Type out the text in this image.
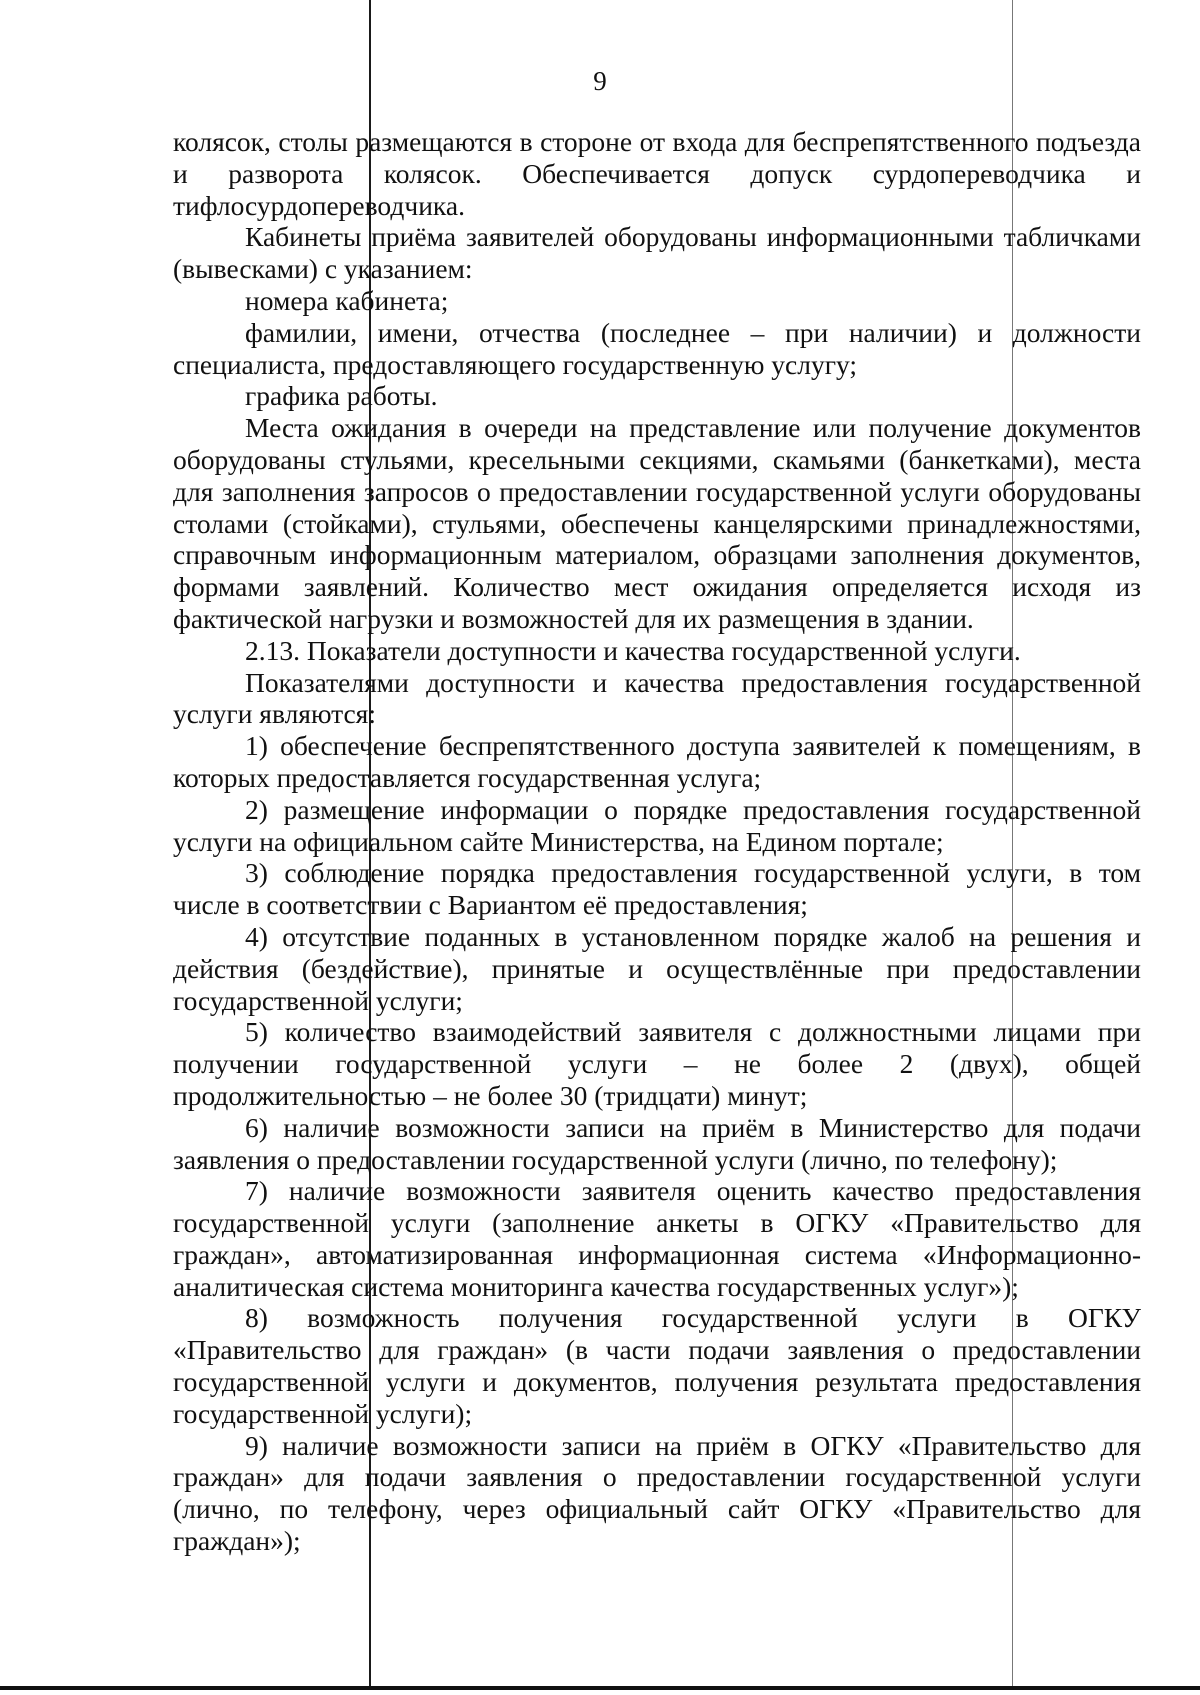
9

колясок, столы размещаются в стороне от входа для беспрепятственного подъезда и разворота колясок. Обеспечивается допуск сурдопереводчика и тифлосурдопереводчика.

Кабинеты приёма заявителей оборудованы информационными табличками (вывесками) с указанием:

номера кабинета;

фамилии, имени, отчества (последнее – при наличии) и должности специалиста, предоставляющего государственную услугу;

графика работы.

Места ожидания в очереди на представление или получение документов оборудованы стульями, кресельными секциями, скамьями (банкетками), места для заполнения запросов о предоставлении государственной услуги оборудованы столами (стойками), стульями, обеспечены канцелярскими принадлежностями, справочным информационным материалом, образцами заполнения документов, формами заявлений. Количество мест ожидания определяется исходя из фактической нагрузки и возможностей для их размещения в здании.

2.13. Показатели доступности и качества государственной услуги.

Показателями доступности и качества предоставления государственной услуги являются:

1) обеспечение беспрепятственного доступа заявителей к помещениям, в которых предоставляется государственная услуга;

2) размещение информации о порядке предоставления государственной услуги на официальном сайте Министерства, на Едином портале;

3) соблюдение порядка предоставления государственной услуги, в том числе в соответствии с Вариантом её предоставления;

4) отсутствие поданных в установленном порядке жалоб на решения и действия (бездействие), принятые и осуществлённые при предоставлении государственной услуги;

5) количество взаимодействий заявителя с должностными лицами при получении государственной услуги – не более 2 (двух), общей продолжительностью – не более 30 (тридцати) минут;

6) наличие возможности записи на приём в Министерство для подачи заявления о предоставлении государственной услуги (лично, по телефону);

7) наличие возможности заявителя оценить качество предоставления государственной услуги (заполнение анкеты в ОГКУ «Правительство для граждан», автоматизированная информационная система «Информационно-аналитическая система мониторинга качества государственных услуг»);

8) возможность получения государственной услуги в ОГКУ «Правительство для граждан» (в части подачи заявления о предоставлении государственной услуги и документов, получения результата предоставления государственной услуги);

9) наличие возможности записи на приём в ОГКУ «Правительство для граждан» для подачи заявления о предоставлении государственной услуги (лично, по телефону, через официальный сайт ОГКУ «Правительство для граждан»);
